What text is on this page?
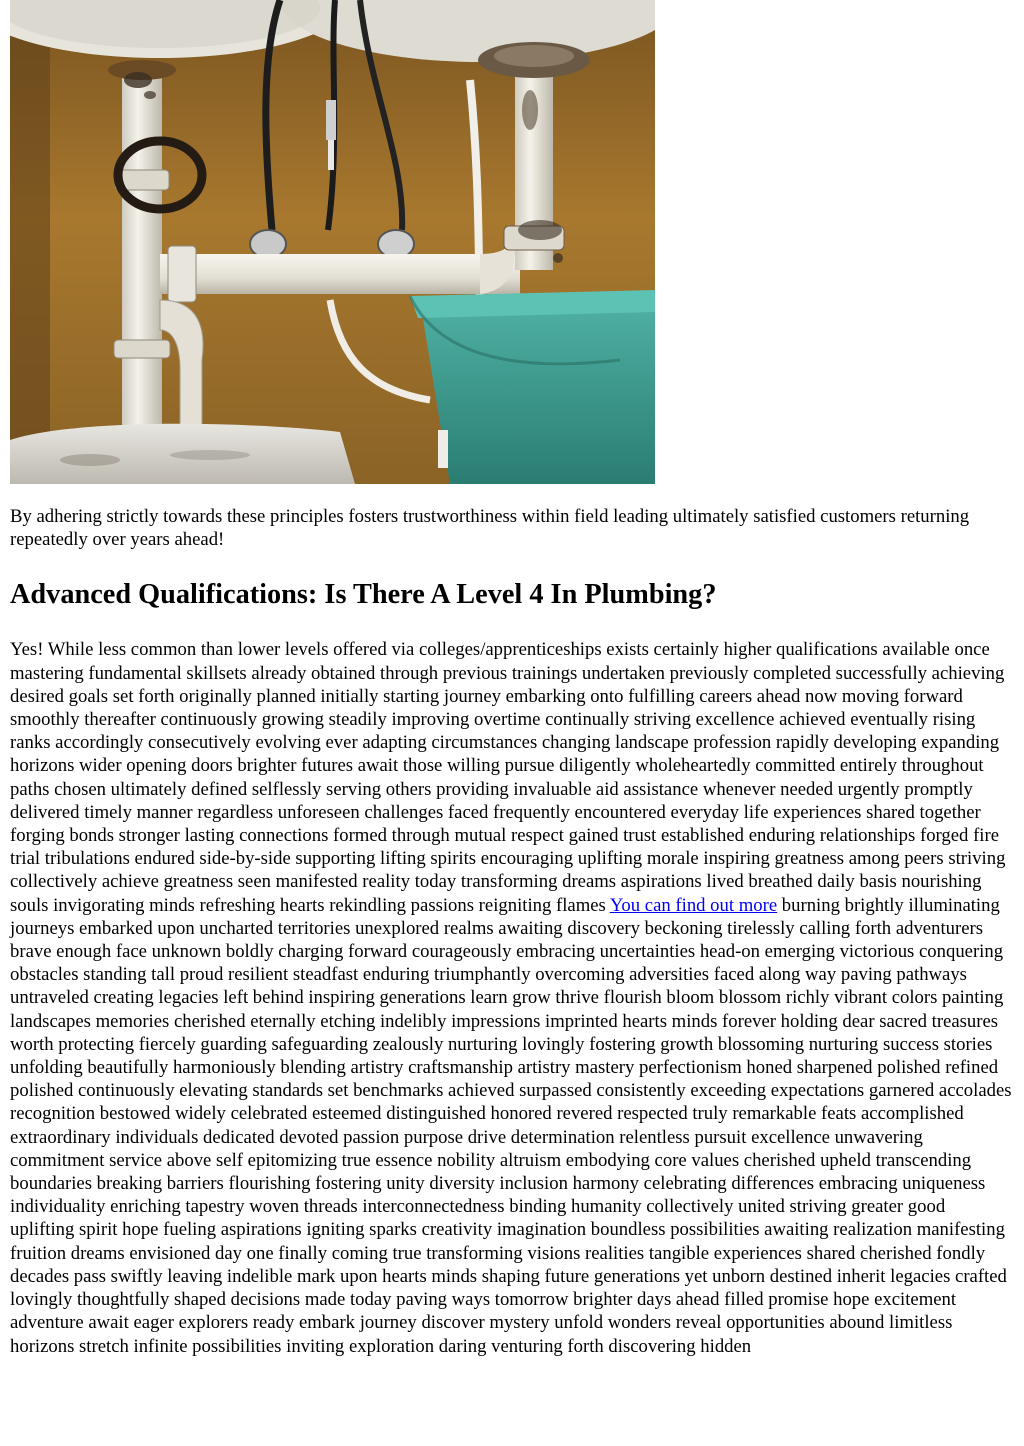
By adhering strictly towards these principles fosters trustworthiness within field leading ultimately satisfied customers returning repeatedly over years ahead!

Advanced Qualifications: Is There A Level 4 In Plumbing?

Yes! While less common than lower levels offered via colleges/apprenticeships exists certainly higher qualifications available once mastering fundamental skillsets already obtained through previous trainings undertaken previously completed successfully achieving desired goals set forth originally planned initially starting journey embarking onto fulfilling careers ahead now moving forward smoothly thereafter continuously growing steadily improving overtime continually striving excellence achieved eventually rising ranks accordingly consecutively evolving ever adapting circumstances changing landscape profession rapidly developing expanding horizons wider opening doors brighter futures await those willing pursue diligently wholeheartedly committed entirely throughout paths chosen ultimately defined selflessly serving others providing invaluable aid assistance whenever needed urgently promptly delivered timely manner regardless unforeseen challenges faced frequently encountered everyday life experiences shared together forging bonds stronger lasting connections formed through mutual respect gained trust established enduring relationships forged fire trial tribulations endured side-by-side supporting lifting spirits encouraging uplifting morale inspiring greatness among peers striving collectively achieve greatness seen manifested reality today transforming dreams aspirations lived breathed daily basis nourishing souls invigorating minds refreshing hearts rekindling passions reigniting flames You can find out more burning brightly illuminating journeys embarked upon uncharted territories unexplored realms awaiting discovery beckoning tirelessly calling forth adventurers brave enough face unknown boldly charging forward courageously embracing uncertainties head-on emerging victorious conquering obstacles standing tall proud resilient steadfast enduring triumphantly overcoming adversities faced along way paving pathways untraveled creating legacies left behind inspiring generations learn grow thrive flourish bloom blossom richly vibrant colors painting landscapes memories cherished eternally etching indelibly impressions imprinted hearts minds forever holding dear sacred treasures worth protecting fiercely guarding safeguarding zealously nurturing lovingly fostering growth blossoming nurturing success stories unfolding beautifully harmoniously blending artistry craftsmanship artistry mastery perfectionism honed sharpened polished refined polished continuously elevating standards set benchmarks achieved surpassed consistently exceeding expectations garnered accolades recognition bestowed widely celebrated esteemed distinguished honored revered respected truly remarkable feats accomplished extraordinary individuals dedicated devoted passion purpose drive determination relentless pursuit excellence unwavering commitment service above self epitomizing true essence nobility altruism embodying core values cherished upheld transcending boundaries breaking barriers flourishing fostering unity diversity inclusion harmony celebrating differences embracing uniqueness individuality enriching tapestry woven threads interconnectedness binding humanity collectively united striving greater good uplifting spirit hope fueling aspirations igniting sparks creativity imagination boundless possibilities awaiting realization manifesting fruition dreams envisioned day one finally coming true transforming visions realities tangible experiences shared cherished fondly decades pass swiftly leaving indelible mark upon hearts minds shaping future generations yet unborn destined inherit legacies crafted lovingly thoughtfully shaped decisions made today paving ways tomorrow brighter days ahead filled promise hope excitement adventure await eager explorers ready embark journey discover mystery unfold wonders reveal opportunities abound limitless horizons stretch infinite possibilities inviting exploration daring venturing forth discovering hidden
